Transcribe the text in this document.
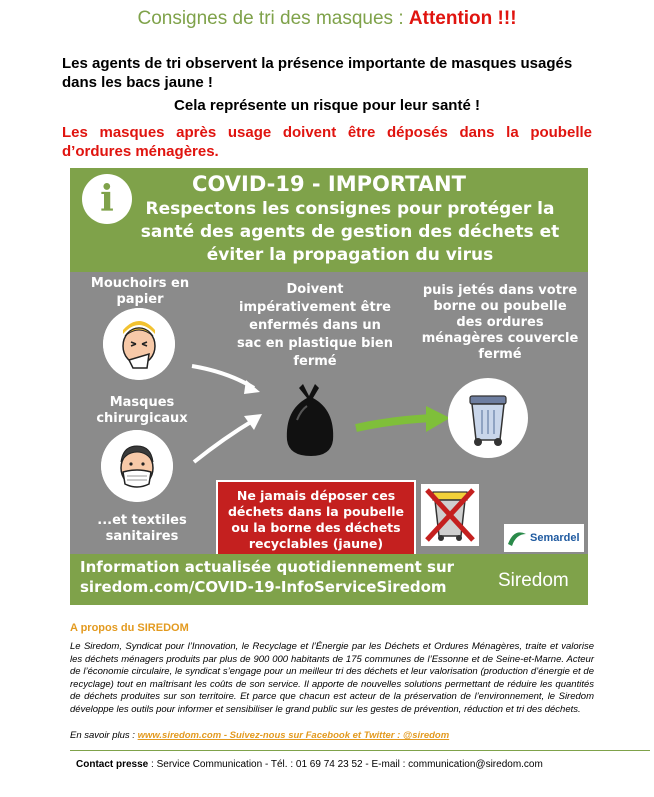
Consignes de tri des masques : Attention !!!
Les agents de tri observent la présence importante de masques usagés dans les bacs jaune !
Cela représente un risque pour leur santé !
Les masques après usage doivent être déposés dans la poubelle d’ordures ménagères.
i	COVID-19 - IMPORTANT
Respectons les consignes pour protéger la santé des agents de gestion des déchets et éviter la propagation du virus
Mouchoirs en papier
Doivent impérativement être enfermés dans un sac en plastique bien fermé
puis jetés dans votre borne ou poubelle des ordures ménagères couvercle fermé
Masques chirurgicaux
...et textiles sanitaires
Ne jamais déposer ces déchets dans la poubelle ou la borne des déchets recyclables (jaune)	Semardel
Information actualisée quotidiennement sur siredom.com/COVID-19-InfoServiceSiredom	Siredom
A propos du SIREDOM
Le Siredom, Syndicat pour l’Innovation, le Recyclage et l’Énergie par les Déchets et Ordures Ménagères, traite et valorise les déchets ménagers produits par plus de 900 000 habitants de 175 communes de l’Essonne et de Seine-et-Marne. Acteur de l’économie circulaire, le syndicat s’engage pour un meilleur tri des déchets et leur valorisation (production d’énergie et de recyclage) tout en maîtrisant les coûts de son service. Il apporte de nouvelles solutions permettant de réduire les quantités de déchets produites sur son territoire. Et parce que chacun est acteur de la préservation de l’environnement, le Siredom développe les outils pour informer et sensibiliser le grand public sur les gestes de prévention, réduction et tri des déchets.
En savoir plus : www.siredom.com - Suivez-nous sur Facebook et Twitter : @siredom
Contact presse : Service Communication - Tél. : 01 69 74 23 52 - E-mail : communication@siredom.com
